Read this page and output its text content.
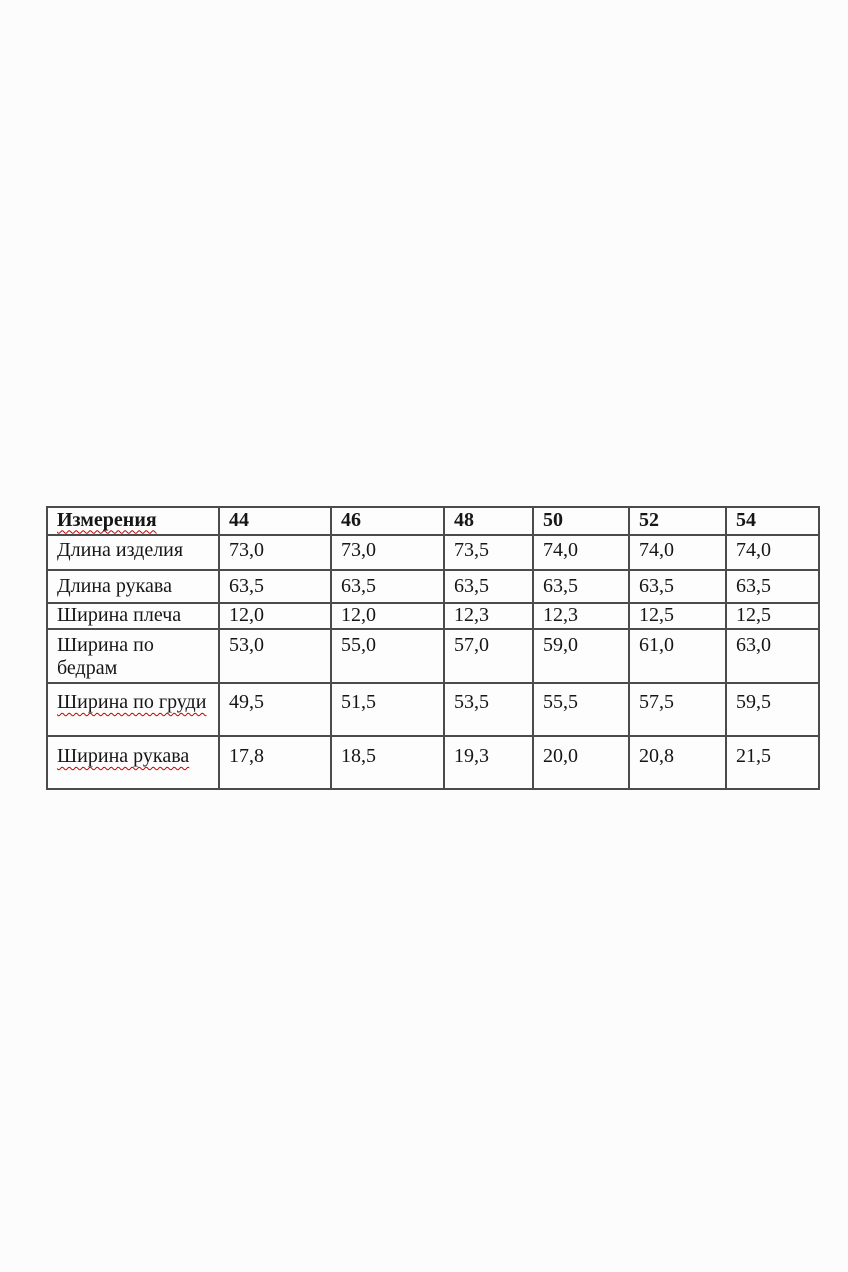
Измерения	44	46	48	50	52	54
Длина изделия	73,0	73,0	73,5	74,0	74,0	74,0
Длина рукава	63,5	63,5	63,5	63,5	63,5	63,5
Ширина плеча	12,0	12,0	12,3	12,3	12,5	12,5
Ширина по бедрам	53,0	55,0	57,0	59,0	61,0	63,0
Ширина по груди	49,5	51,5	53,5	55,5	57,5	59,5
Ширина рукава	17,8	18,5	19,3	20,0	20,8	21,5
